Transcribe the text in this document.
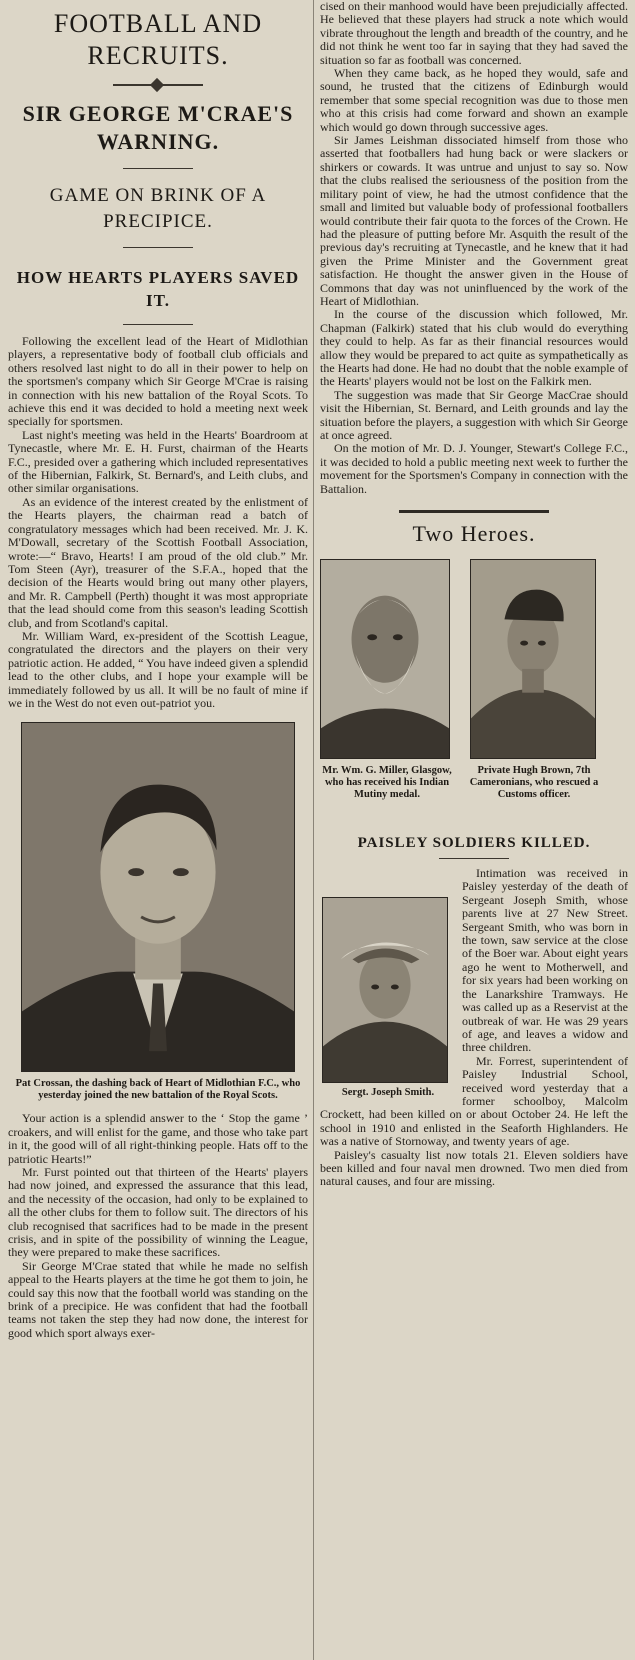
FOOTBALL AND RECRUITS.
SIR GEORGE M'CRAE'S WARNING.
GAME ON BRINK OF A PRECIPICE.
HOW HEARTS PLAYERS SAVED IT.

Following the excellent lead of the Heart of Midlothian players, a representative body of football club officials and others resolved last night to do all in their power to help on the sportsmen's company which Sir George M'Crae is raising in connection with his new battalion of the Royal Scots. To achieve this end it was decided to hold a meeting next week specially for sportsmen.

Last night's meeting was held in the Hearts' Boardroom at Tynecastle, where Mr. E. H. Furst, chairman of the Hearts F.C., presided over a gathering which included representatives of the Hibernian, Falkirk, St. Bernard's, and Leith clubs, and other similar organisations.

As an evidence of the interest created by the enlistment of the Hearts players, the chairman read a batch of congratulatory messages which had been received. Mr. J. K. M'Dowall, secretary of the Scottish Football Association, wrote:—“ Bravo, Hearts! I am proud of the old club.” Mr. Tom Steen (Ayr), treasurer of the S.F.A., hoped that the decision of the Hearts would bring out many other players, and Mr. R. Campbell (Perth) thought it was most appropriate that the lead should come from this season's leading Scottish club, and from Scotland's capital.

Mr. William Ward, ex-president of the Scottish League, congratulated the directors and the players on their very patriotic action. He added, “ You have indeed given a splendid lead to the other clubs, and I hope your example will be immediately followed by us all. It will be no fault of mine if we in the West do not even out-patriot you.

Pat Crossan, the dashing back of Heart of Midlothian F.C., who yesterday joined the new battalion of the Royal Scots.

Your action is a splendid answer to the ‘ Stop the game ’ croakers, and will enlist for the game, and those who take part in it, the good will of all right-thinking people. Hats off to the patriotic Hearts!”

Mr. Furst pointed out that thirteen of the Hearts' players had now joined, and expressed the assurance that this lead, and the necessity of the occasion, had only to be explained to all the other clubs for them to follow suit. The directors of his club recognised that sacrifices had to be made in the present crisis, and in spite of the possibility of winning the League, they were prepared to make these sacrifices.

Sir George M'Crae stated that while he made no selfish appeal to the Hearts players at the time he got them to join, he could say this now that the football world was standing on the brink of a precipice. He was confident that had the football teams not taken the step they had now done, the interest for good which sport always exer-

cised on their manhood would have been prejudicially affected. He believed that these players had struck a note which would vibrate throughout the length and breadth of the country, and he did not think he went too far in saying that they had saved the situation so far as football was concerned.

When they came back, as he hoped they would, safe and sound, he trusted that the citizens of Edinburgh would remember that some special recognition was due to those men who at this crisis had come forward and shown an example which would go down through successive ages.

Sir James Leishman dissociated himself from those who asserted that footballers had hung back or were slackers or shirkers or cowards. It was untrue and unjust to say so. Now that the clubs realised the seriousness of the position from the military point of view, he had the utmost confidence that the small and limited but valuable body of professional footballers would contribute their fair quota to the forces of the Crown. He had the pleasure of putting before Mr. Asquith the result of the previous day's recruiting at Tynecastle, and he knew that it had given the Prime Minister and the Government great satisfaction. He thought the answer given in the House of Commons that day was not uninfluenced by the work of the Heart of Midlothian.

In the course of the discussion which followed, Mr. Chapman (Falkirk) stated that his club would do everything they could to help. As far as their financial resources would allow they would be prepared to act quite as sympathetically as the Hearts had done. He had no doubt that the noble example of the Hearts' players would not be lost on the Falkirk men.

The suggestion was made that Sir George MacCrae should visit the Hibernian, St. Bernard, and Leith grounds and lay the situation before the players, a suggestion with which Sir George at once agreed.

On the motion of Mr. D. J. Younger, Stewart's College F.C., it was decided to hold a public meeting next week to further the movement for the Sportsmen's Company in connection with the Battalion.

Two Heroes.
Mr. Wm. G. Miller, Glasgow, who has received his Indian Mutiny medal.
Private Hugh Brown, 7th Cameronians, who rescued a Customs officer.
PAISLEY SOLDIERS KILLED.
Sergt. Joseph Smith.

Intimation was received in Paisley yesterday of the death of Sergeant Joseph Smith, whose parents live at 27 New Street. Sergeant Smith, who was born in the town, saw service at the close of the Boer war. About eight years ago he went to Motherwell, and for six years had been working on the Lanarkshire Tramways. He was called up as a Reservist at the outbreak of war. He was 29 years of age, and leaves a widow and three children.

Mr. Forrest, superintendent of Paisley Industrial School, received word yesterday that a former schoolboy, Malcolm Crockett, had been killed on or about October 24. He left the school in 1910 and enlisted in the Seaforth Highlanders. He was a native of Stornoway, and twenty years of age.

Paisley's casualty list now totals 21. Eleven soldiers have been killed and four naval men drowned. Two men died from natural causes, and four are missing.
